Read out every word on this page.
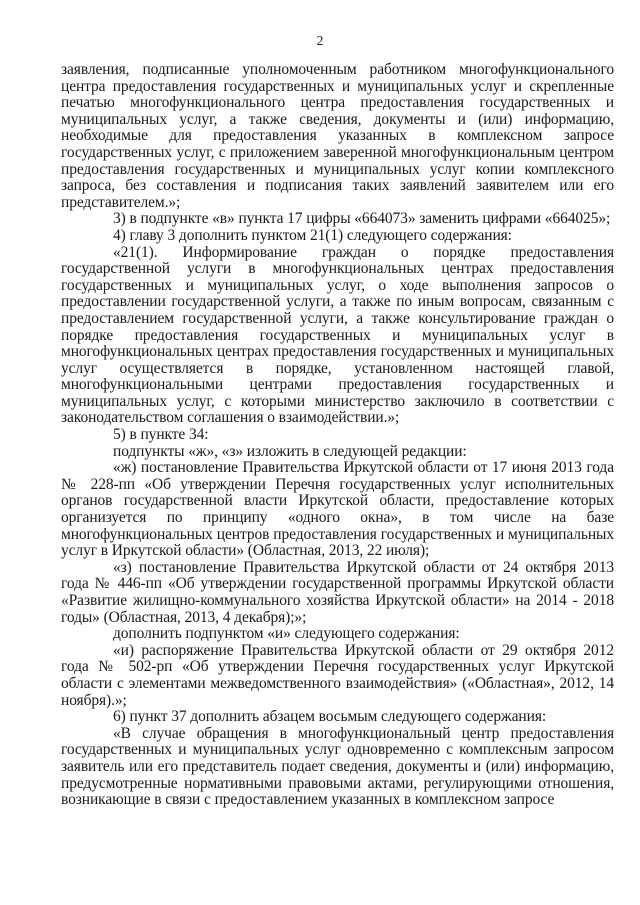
2

заявления, подписанные уполномоченным работником многофункционального центра предоставления государственных и муниципальных услуг и скрепленные печатью многофункционального центра предоставления государственных и муниципальных услуг, а также сведения, документы и (или) информацию, необходимые для предоставления указанных в комплексном запросе государственных услуг, с приложением заверенной многофункциональным центром предоставления государственных и муниципальных услуг копии комплексного запроса, без составления и подписания таких заявлений заявителем или его представителем.»;

3) в подпункте «в» пункта 17 цифры «664073» заменить цифрами «664025»;

4) главу 3 дополнить пунктом 21(1) следующего содержания:

«21(1). Информирование граждан о порядке предоставления государственной услуги в многофункциональных центрах предоставления государственных и муниципальных услуг, о ходе выполнения запросов о предоставлении государственной услуги, а также по иным вопросам, связанным с предоставлением государственной услуги, а также консультирование граждан о порядке предоставления государственных и муниципальных услуг в многофункциональных центрах предоставления государственных и муниципальных услуг осуществляется в порядке, установленном настоящей главой, многофункциональными центрами предоставления государственных и муниципальных услуг, с которыми министерство заключило в соответствии с законодательством соглашения о взаимодействии.»;

5) в пункте 34:

подпункты «ж», «з» изложить в следующей редакции:

«ж) постановление Правительства Иркутской области от 17 июня 2013 года № 228-пп «Об утверждении Перечня государственных услуг исполнительных органов государственной власти Иркутской области, предоставление которых организуется по принципу «одного окна», в том числе на базе многофункциональных центров предоставления государственных и муниципальных услуг в Иркутской области» (Областная, 2013, 22 июля);

«з) постановление Правительства Иркутской области от 24 октября 2013 года № 446-пп «Об утверждении государственной программы Иркутской области «Развитие жилищно-коммунального хозяйства Иркутской области» на 2014 - 2018 годы» (Областная, 2013, 4 декабря);»;

дополнить подпунктом «и» следующего содержания:

«и) распоряжение Правительства Иркутской области от 29 октября 2012 года № 502-рп «Об утверждении Перечня государственных услуг Иркутской области с элементами межведомственного взаимодействия» («Областная», 2012, 14 ноября).»;

6) пункт 37 дополнить абзацем восьмым следующего содержания:

«В случае обращения в многофункциональный центр предоставления государственных и муниципальных услуг одновременно с комплексным запросом заявитель или его представитель подает сведения, документы и (или) информацию, предусмотренные нормативными правовыми актами, регулирующими отношения, возникающие в связи с предоставлением указанных в комплексном запросе
